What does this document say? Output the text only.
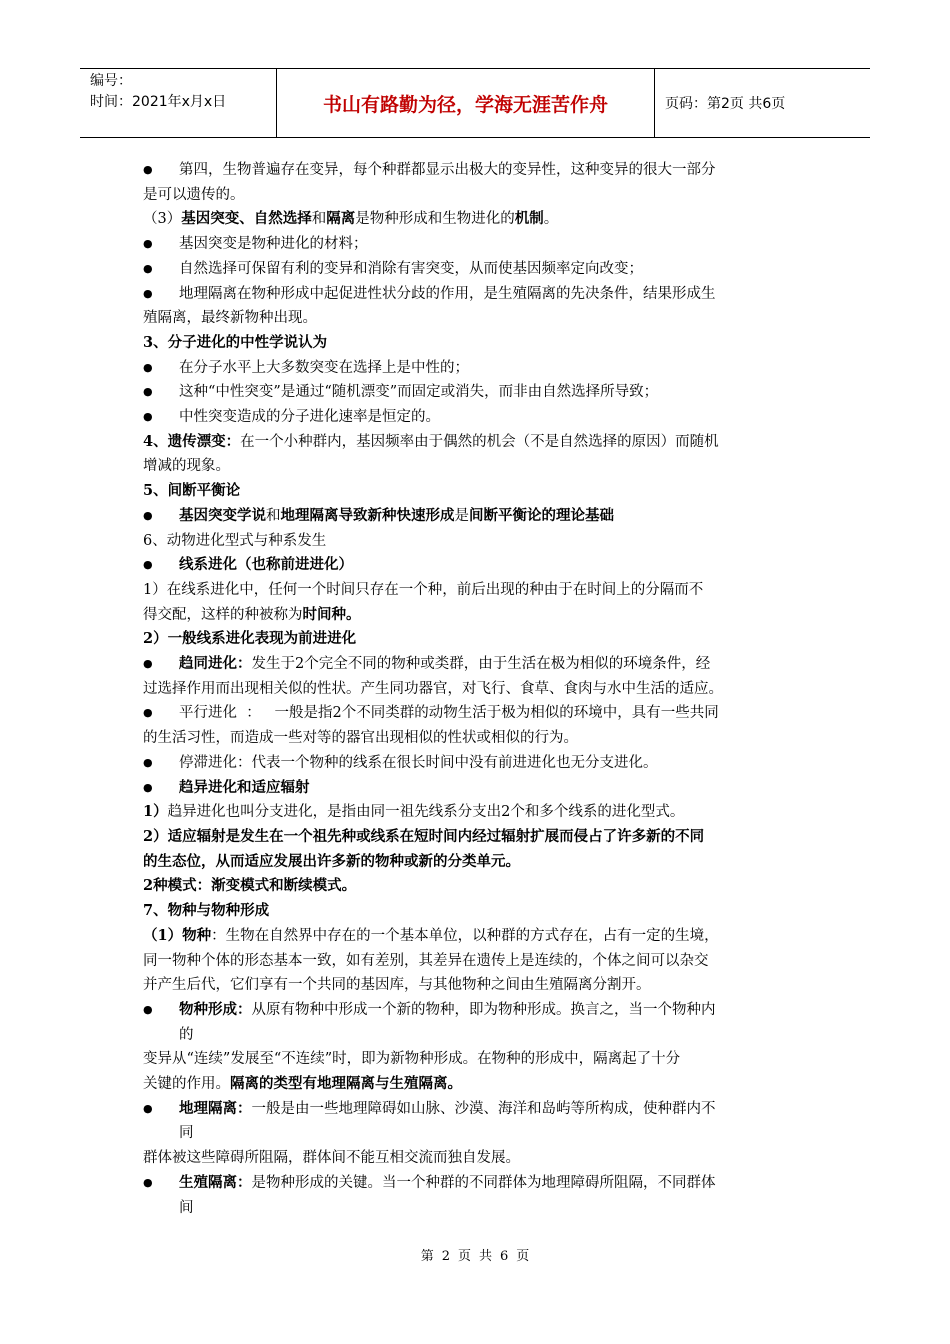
编号：
时间：2021年x月x日	书山有路勤为径，学海无涯苦作舟	页码：第2页 共6页

● 第四，生物普遍存在变异，每个种群都显示出极大的变异性，这种变异的很大一部分

是可以遗传的。

（3）基因突变、自然选择和隔离是物种形成和生物进化的机制。

● 基因突变是物种进化的材料；

● 自然选择可保留有利的变异和消除有害突变，从而使基因频率定向改变；

● 地理隔离在物种形成中起促进性状分歧的作用，是生殖隔离的先决条件，结果形成生

殖隔离，最终新物种出现。

3、分子进化的中性学说认为

● 在分子水平上大多数突变在选择上是中性的；

● 这种“中性突变”是通过“随机漂变”而固定或消失，而非由自然选择所导致；

● 中性突变造成的分子进化速率是恒定的。

4、遗传漂变：在一个小种群内，基因频率由于偶然的机会（不是自然选择的原因）而随机

增减的现象。

5、间断平衡论

● 基因突变学说和地理隔离导致新种快速形成是间断平衡论的理论基础

6、动物进化型式与种系发生

● 线系进化（也称前进进化）

1）在线系进化中，任何一个时间只存在一个种，前后出现的种由于在时间上的分隔而不

得交配，这样的种被称为时间种。

2）一般线系进化表现为前进进化

● 趋同进化：发生于2个完全不同的物种或类群，由于生活在极为相似的环境条件，经

过选择作用而出现相关似的性状。产生同功器官，对飞行、食草、食肉与水中生活的适应。

● 平行进化  ：   一般是指2个不同类群的动物生活于极为相似的环境中，具有一些共同

的生活习性，而造成一些对等的器官出现相似的性状或相似的行为。

● 停滞进化：代表一个物种的线系在很长时间中没有前进进化也无分支进化。

● 趋异进化和适应辐射

1）趋异进化也叫分支进化，是指由同一祖先线系分支出2个和多个线系的进化型式。

2）适应辐射是发生在一个祖先种或线系在短时间内经过辐射扩展而侵占了许多新的不同

的生态位，从而适应发展出许多新的物种或新的分类单元。

2种模式：渐变模式和断续模式。

7、物种与物种形成

（1）物种：生物在自然界中存在的一个基本单位，以种群的方式存在，占有一定的生境，

同一物种个体的形态基本一致，如有差别，其差异在遗传上是连续的，个体之间可以杂交

并产生后代，它们享有一个共同的基因库，与其他物种之间由生殖隔离分割开。

● 物种形成：从原有物种中形成一个新的物种，即为物种形成。换言之，当一个物种内

的

变异从“连续”发展至“不连续”时，即为新物种形成。在物种的形成中，隔离起了十分

关键的作用。隔离的类型有地理隔离与生殖隔离。

● 地理隔离：一般是由一些地理障碍如山脉、沙漠、海洋和岛屿等所构成，使种群内不

同

群体被这些障碍所阻隔，群体间不能互相交流而独自发展。

● 生殖隔离：是物种形成的关键。当一个种群的不同群体为地理障碍所阻隔，不同群体

间

第 2 页 共 6 页
